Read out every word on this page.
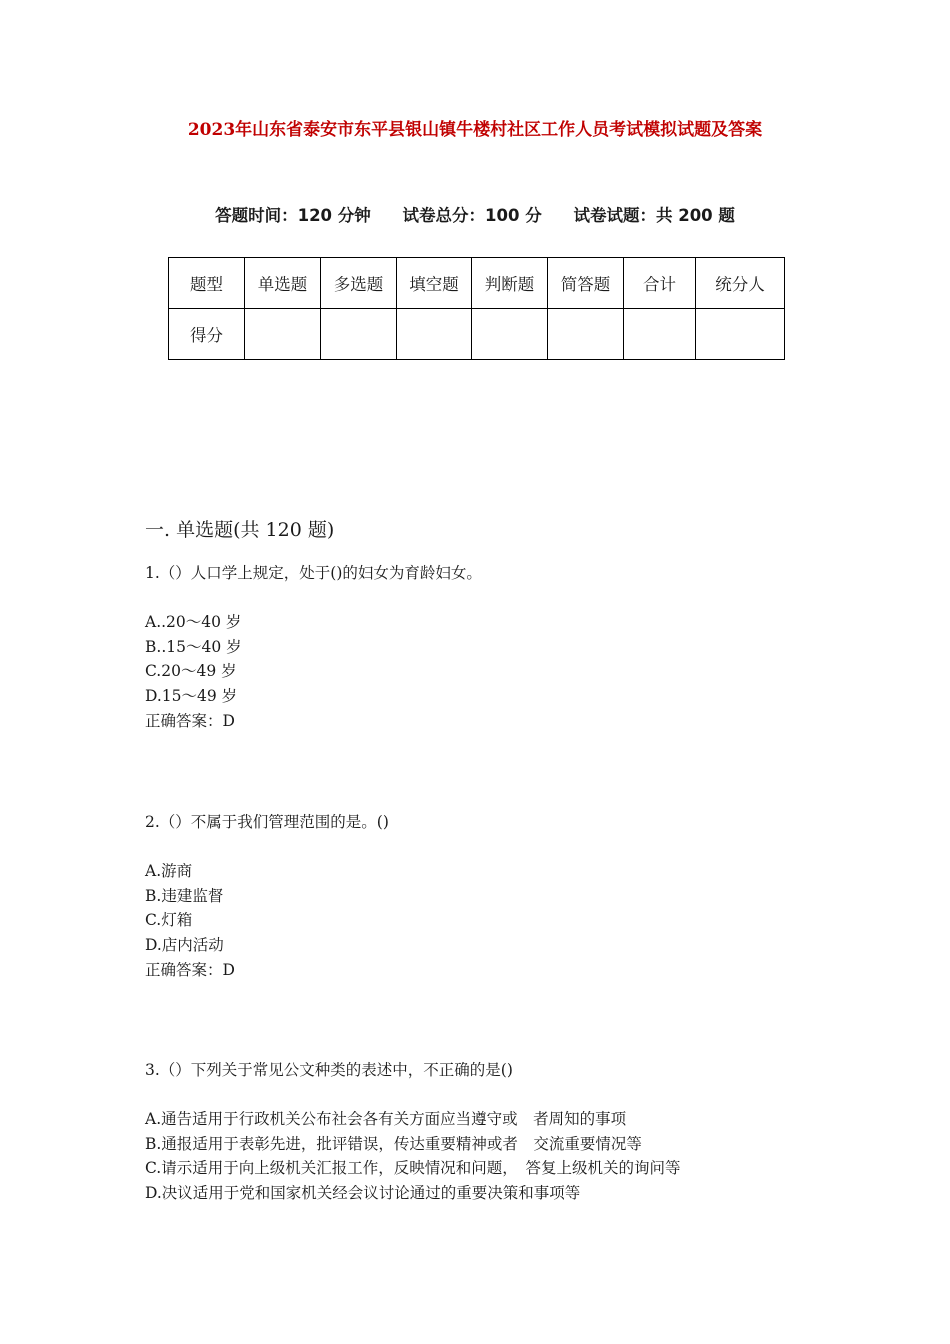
2023年山东省泰安市东平县银山镇牛楼村社区工作人员考试模拟试题及答案
答题时间：120 分钟 试卷总分：100 分 试卷试题：共 200 题
题型	单选题	多选题	填空题	判断题	简答题	合计	统分人
得分							
一. 单选题(共 120 题)
1.（）人口学上规定，处于()的妇女为育龄妇女。
A..20～40 岁
B..15～40 岁
C.20～49 岁
D.15～49 岁
正确答案：D
2.（）不属于我们管理范围的是。()
A.游商
B.违建监督
C.灯箱
D.店内活动
正确答案：D
3.（）下列关于常见公文种类的表述中，不正确的是()
A.通告适用于行政机关公布社会各有关方面应当遵守或　者周知的事项
B.通报适用于表彰先进，批评错误，传达重要精神或者　交流重要情况等
C.请示适用于向上级机关汇报工作，反映情况和问题，　答复上级机关的询问等
D.决议适用于党和国家机关经会议讨论通过的重要决策和事项等
